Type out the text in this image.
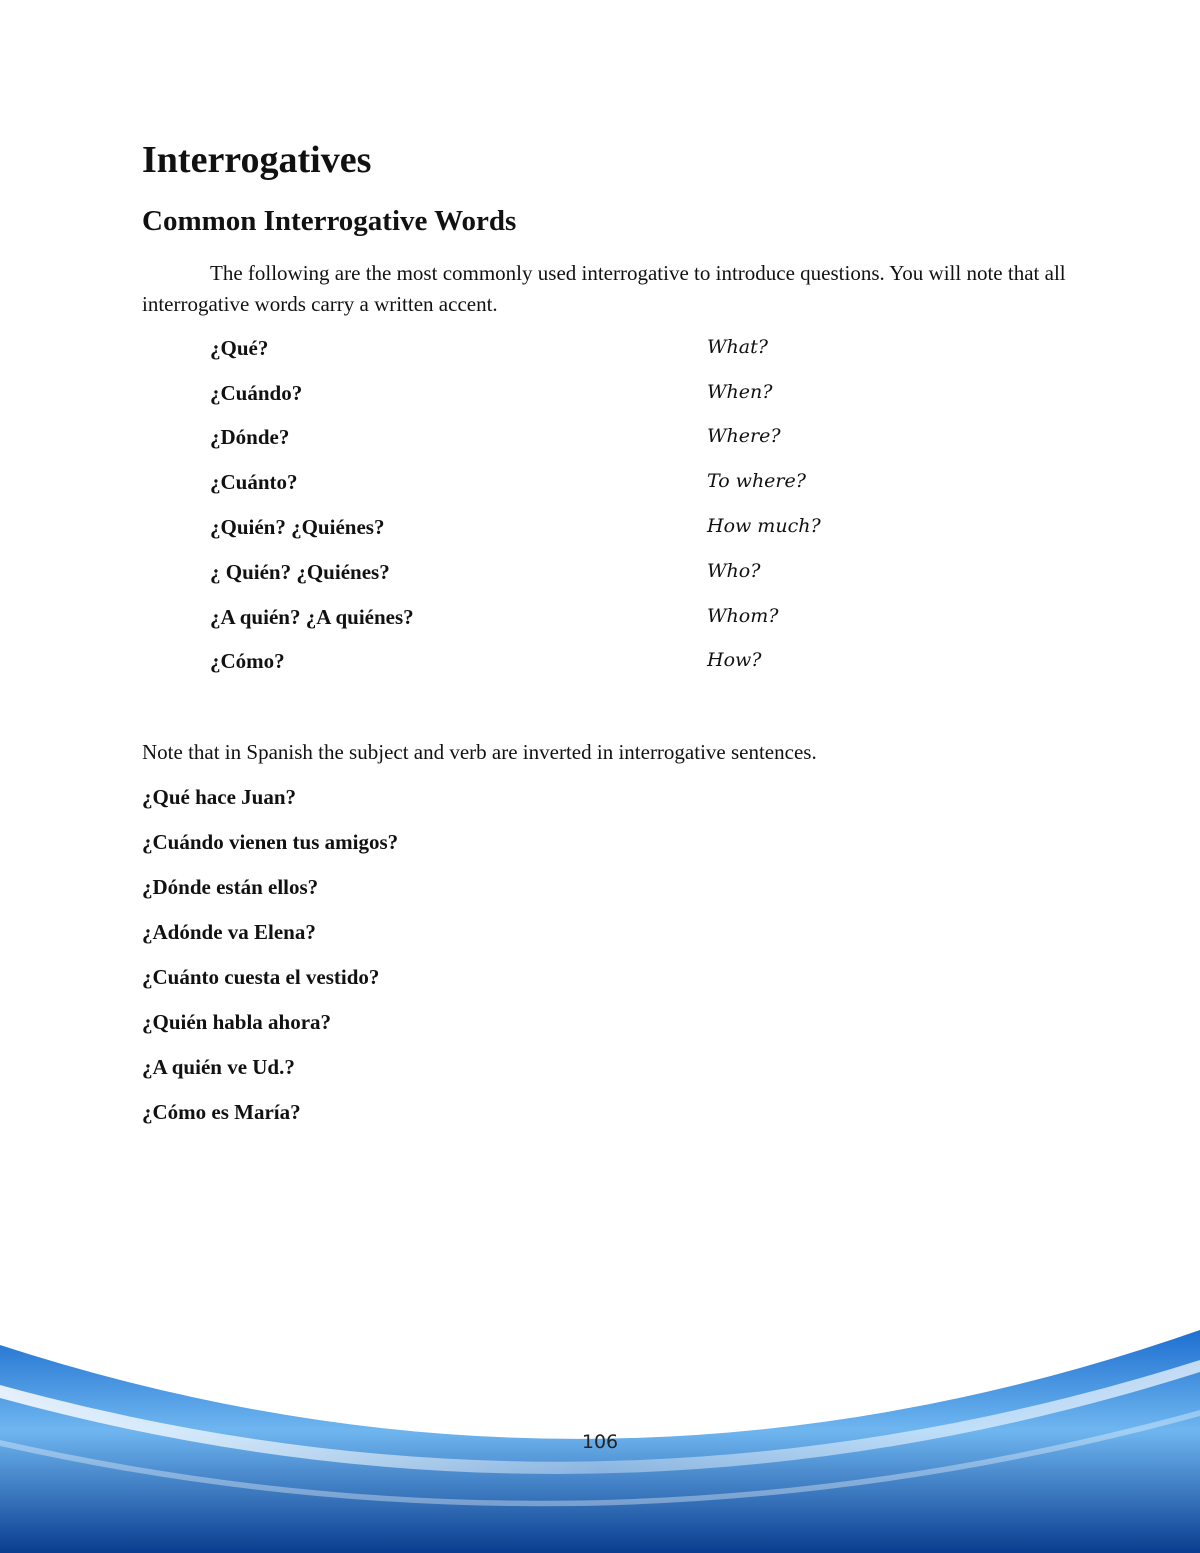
Interrogatives
Common Interrogative Words

The following are the most commonly used interrogative to introduce questions. You will note that all interrogative words carry a written accent.

¿Qué?	What?
¿Cuándo?	When?
¿Dónde?	Where?
¿Cuánto?	To where?
¿Quién? ¿Quiénes?	How much?
¿ Quién? ¿Quiénes?	Who?
¿A quién? ¿A quiénes?	Whom?
¿Cómo?	How?

Note that in Spanish the subject and verb are inverted in interrogative sentences.

¿Qué hace Juan?
¿Cuándo vienen tus amigos?
¿Dónde están ellos?
¿Adónde va Elena?
¿Cuánto cuesta el vestido?
¿Quién habla ahora?
¿A quién ve Ud.?
¿Cómo es María?
106
